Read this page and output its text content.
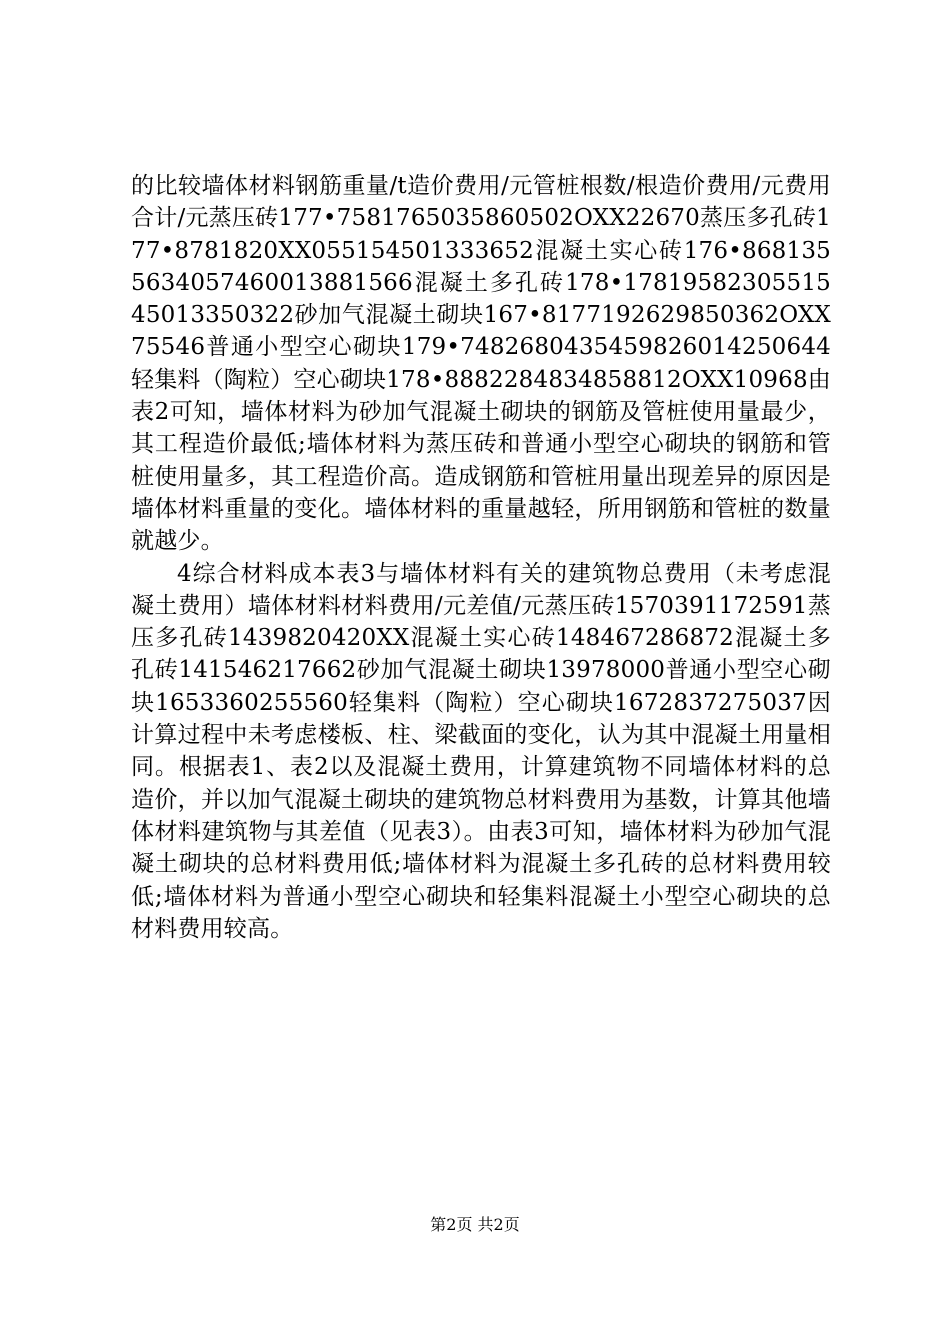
的比较墙体材料钢筋重量/t造价费用/元管桩根数/根造价费用/元费用合计/元蒸压砖177•7581765035860502OXX22670蒸压多孔砖177•8781820XX055154501333652混凝土实心砖176•8681355634057460013881566混凝土多孔砖178•1781958230551545013350322砂加气混凝土砌块167•8177192629850362OXX75546普通小型空心砌块179•7482680435459826014250644轻集料（陶粒）空心砌块178•8882284834858812OXX10968由表2可知，墙体材料为砂加气混凝土砌块的钢筋及管桩使用量最少，其工程造价最低;墙体材料为蒸压砖和普通小型空心砌块的钢筋和管桩使用量多，其工程造价高。造成钢筋和管桩用量出现差异的原因是墙体材料重量的变化。墙体材料的重量越轻，所用钢筋和管桩的数量就越少。

4综合材料成本表3与墙体材料有关的建筑物总费用（未考虑混凝土费用）墙体材料材料费用/元差值/元蒸压砖1570391172591蒸压多孔砖1439820420XX混凝土实心砖148467286872混凝土多孔砖141546217662砂加气混凝土砌块13978000普通小型空心砌块1653360255560轻集料（陶粒）空心砌块1672837275037因计算过程中未考虑楼板、柱、梁截面的变化，认为其中混凝土用量相同。根据表1、表2以及混凝土费用，计算建筑物不同墙体材料的总造价，并以加气混凝土砌块的建筑物总材料费用为基数，计算其他墙体材料建筑物与其差值（见表3）。由表3可知，墙体材料为砂加气混凝土砌块的总材料费用低;墙体材料为混凝土多孔砖的总材料费用较低;墙体材料为普通小型空心砌块和轻集料混凝土小型空心砌块的总材料费用较高。

第2页 共2页
